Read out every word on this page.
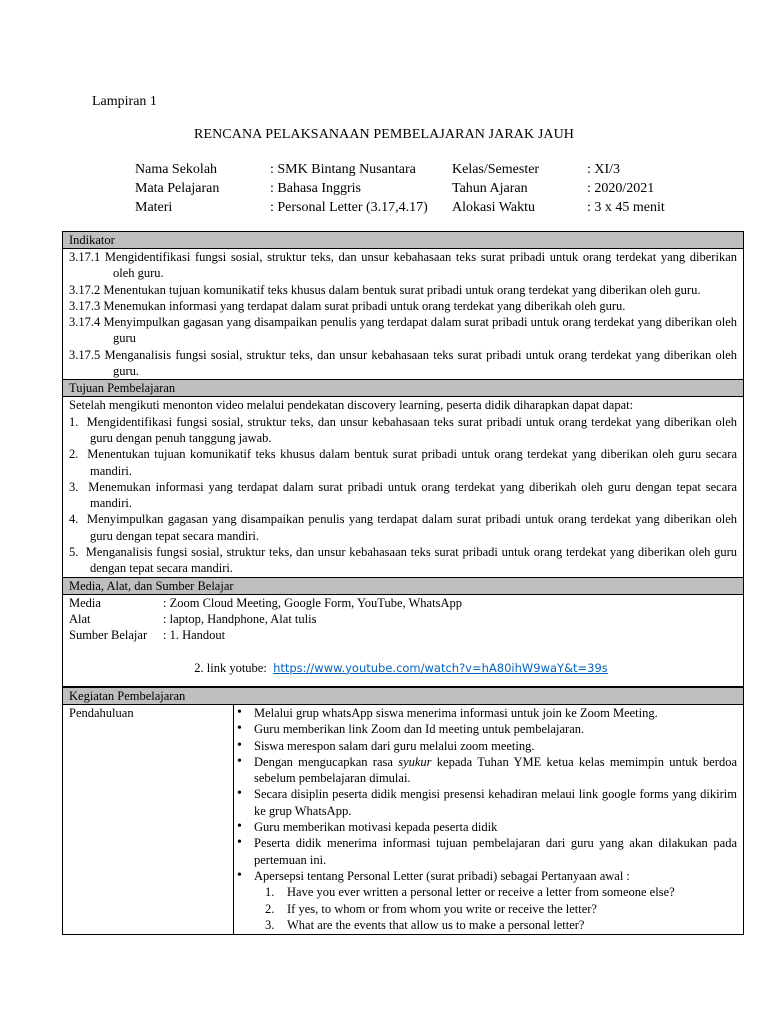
Lampiran 1
RENCANA PELAKSANAAN PEMBELAJARAN JARAK JAUH
Nama Sekolah	: SMK Bintang Nusantara	Kelas/Semester	: XI/3
Mata Pelajaran	: Bahasa Inggris	Tahun Ajaran	: 2020/2021
Materi	: Personal Letter (3.17,4.17) Alokasi Waktu	: 3 x 45 menit
Indikator
3.17.1 Mengidentifikasi fungsi sosial, struktur teks, dan unsur kebahasaan teks surat pribadi untuk orang terdekat yang diberikan oleh guru.
3.17.2 Menentukan tujuan komunikatif teks khusus dalam bentuk surat pribadi untuk orang terdekat yang diberikan oleh guru.
3.17.3 Menemukan informasi yang terdapat dalam surat pribadi untuk orang terdekat yang diberikah oleh guru.
3.17.4 Menyimpulkan gagasan yang disampaikan penulis yang terdapat dalam surat pribadi untuk orang terdekat yang diberikan oleh guru
3.17.5 Menganalisis fungsi sosial, struktur teks, dan unsur kebahasaan teks surat pribadi untuk orang terdekat yang diberikan oleh guru.
Tujuan Pembelajaran
Setelah mengikuti menonton video melalui pendekatan discovery learning, peserta didik diharapkan dapat dapat:
1.  Mengidentifikasi fungsi sosial, struktur teks, dan unsur kebahasaan teks surat pribadi untuk orang terdekat yang diberikan oleh guru dengan penuh tanggung jawab.
2.  Menentukan tujuan komunikatif teks khusus dalam bentuk surat pribadi untuk orang terdekat yang diberikan oleh guru secara mandiri.
3.  Menemukan informasi yang terdapat dalam surat pribadi untuk orang terdekat yang diberikah oleh guru dengan tepat secara mandiri.
4.  Menyimpulkan gagasan yang disampaikan penulis yang terdapat dalam surat pribadi untuk orang terdekat yang diberikan oleh guru dengan tepat secara mandiri.
5.  Menganalisis fungsi sosial, struktur teks, dan unsur kebahasaan teks surat pribadi untuk orang terdekat yang diberikan oleh guru dengan tepat secara mandiri.
Media, Alat, dan Sumber Belajar
Media	: Zoom Cloud Meeting, Google Form, YouTube, WhatsApp
Alat	: laptop, Handphone, Alat tulis
Sumber Belajar : 1. Handout

2. link yotube:  https://www.youtube.com/watch?v=hA80ihW9waY&t=39s

Kegiatan Pembelajaran
Pendahuluan
•	Melalui grup whatsApp siswa menerima informasi untuk join ke Zoom Meeting.
• Guru memberikan link Zoom dan Id meeting untuk pembelajaran.
• Siswa merespon salam dari guru melalui zoom meeting.
• Dengan mengucapkan rasa syukur kepada Tuhan YME ketua kelas memimpin untuk berdoa sebelum pembelajaran dimulai.
• Secara disiplin peserta didik mengisi presensi kehadiran melaui link google forms yang dikirim ke grup WhatsApp.
• Guru memberikan motivasi kepada peserta didik
• Peserta didik menerima informasi tujuan pembelajaran dari guru yang akan dilakukan pada pertemuan ini.
• Apersepsi tentang Personal Letter (surat pribadi) sebagai Pertanyaan awal :
1. Have you ever written a personal letter or receive a letter from someone else?
2. If yes, to whom or from whom you write or receive the letter?
3. What are the events that allow us to make a personal letter?
